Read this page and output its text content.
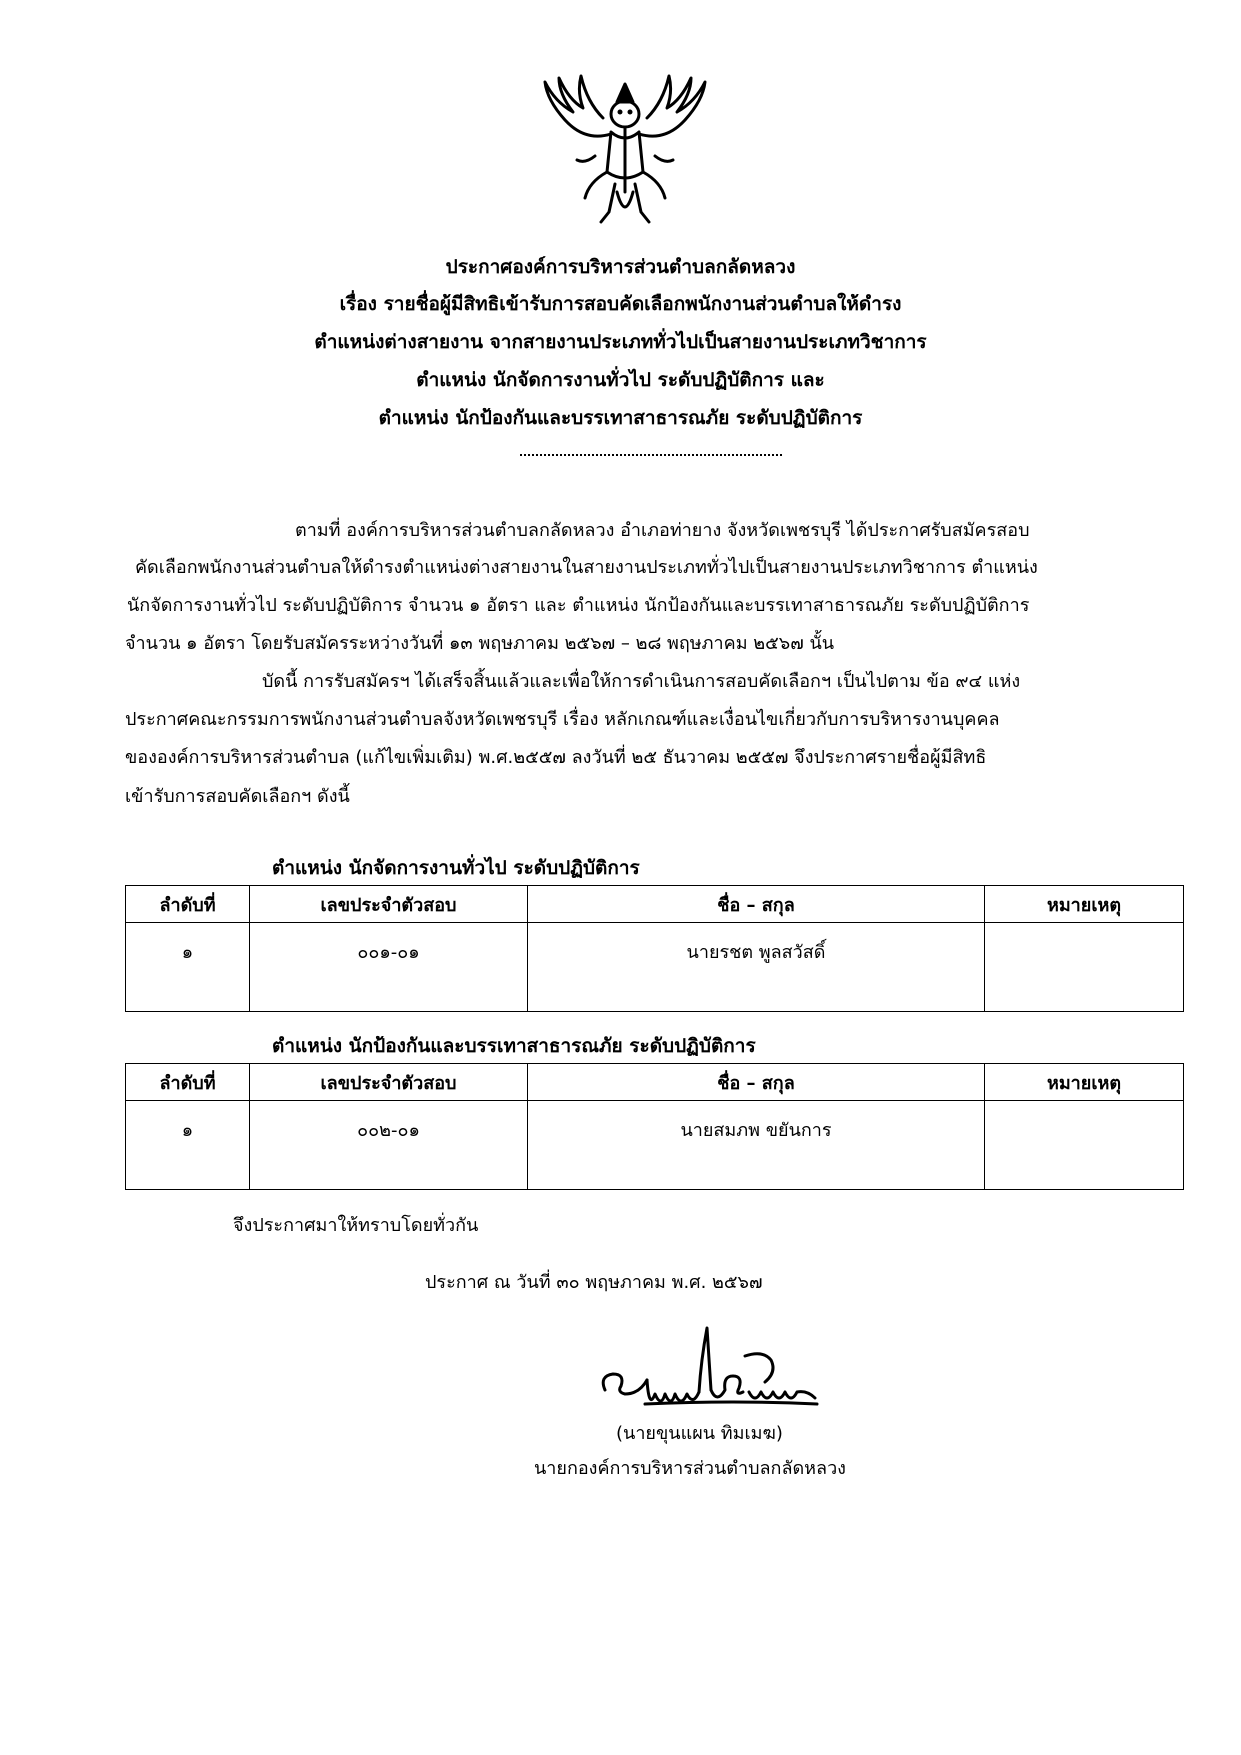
ประกาศองค์การบริหารส่วนตำบลกลัดหลวง
เรื่อง รายชื่อผู้มีสิทธิเข้ารับการสอบคัดเลือกพนักงานส่วนตำบลให้ดำรง
ตำแหน่งต่างสายงาน จากสายงานประเภททั่วไปเป็นสายงานประเภทวิชาการ
ตำแหน่ง นักจัดการงานทั่วไป ระดับปฏิบัติการ และ
ตำแหน่ง นักป้องกันและบรรเทาสาธารณภัย ระดับปฏิบัติการ
ตามที่ องค์การบริหารส่วนตำบลกลัดหลวง อำเภอท่ายาง จังหวัดเพชรบุรี ได้ประกาศรับสมัครสอบ
คัดเลือกพนักงานส่วนตำบลให้ดำรงตำแหน่งต่างสายงานในสายงานประเภททั่วไปเป็นสายงานประเภทวิชาการ ตำแหน่ง
นักจัดการงานทั่วไป ระดับปฏิบัติการ จำนวน ๑ อัตรา และ ตำแหน่ง นักป้องกันและบรรเทาสาธารณภัย ระดับปฏิบัติการ
จำนวน ๑ อัตรา โดยรับสมัครระหว่างวันที่ ๑๓ พฤษภาคม ๒๕๖๗ – ๒๘ พฤษภาคม ๒๕๖๗ นั้น
บัดนี้ การรับสมัครฯ ได้เสร็จสิ้นแล้วและเพื่อให้การดำเนินการสอบคัดเลือกฯ เป็นไปตาม ข้อ ๙๔ แห่ง
ประกาศคณะกรรมการพนักงานส่วนตำบลจังหวัดเพชรบุรี เรื่อง หลักเกณฑ์และเงื่อนไขเกี่ยวกับการบริหารงานบุคคล
ขององค์การบริหารส่วนตำบล (แก้ไขเพิ่มเติม) พ.ศ.๒๕๕๗ ลงวันที่ ๒๕ ธันวาคม ๒๕๕๗ จึงประกาศรายชื่อผู้มีสิทธิ
เข้ารับการสอบคัดเลือกฯ ดังนี้
ตำแหน่ง นักจัดการงานทั่วไป ระดับปฏิบัติการ
ลำดับที่	เลขประจำตัวสอบ	ชื่อ – สกุล	หมายเหตุ
๑	๐๐๑-๐๑	นายรชต พูลสวัสดิ์	
ตำแหน่ง นักป้องกันและบรรเทาสาธารณภัย ระดับปฏิบัติการ
ลำดับที่	เลขประจำตัวสอบ	ชื่อ – สกุล	หมายเหตุ
๑	๐๐๒-๐๑	นายสมภพ ขยันการ	
จึงประกาศมาให้ทราบโดยทั่วกัน
ประกาศ ณ วันที่ ๓๐ พฤษภาคม พ.ศ. ๒๕๖๗
(นายขุนแผน ทิมเมฆ)
นายกองค์การบริหารส่วนตำบลกลัดหลวง
